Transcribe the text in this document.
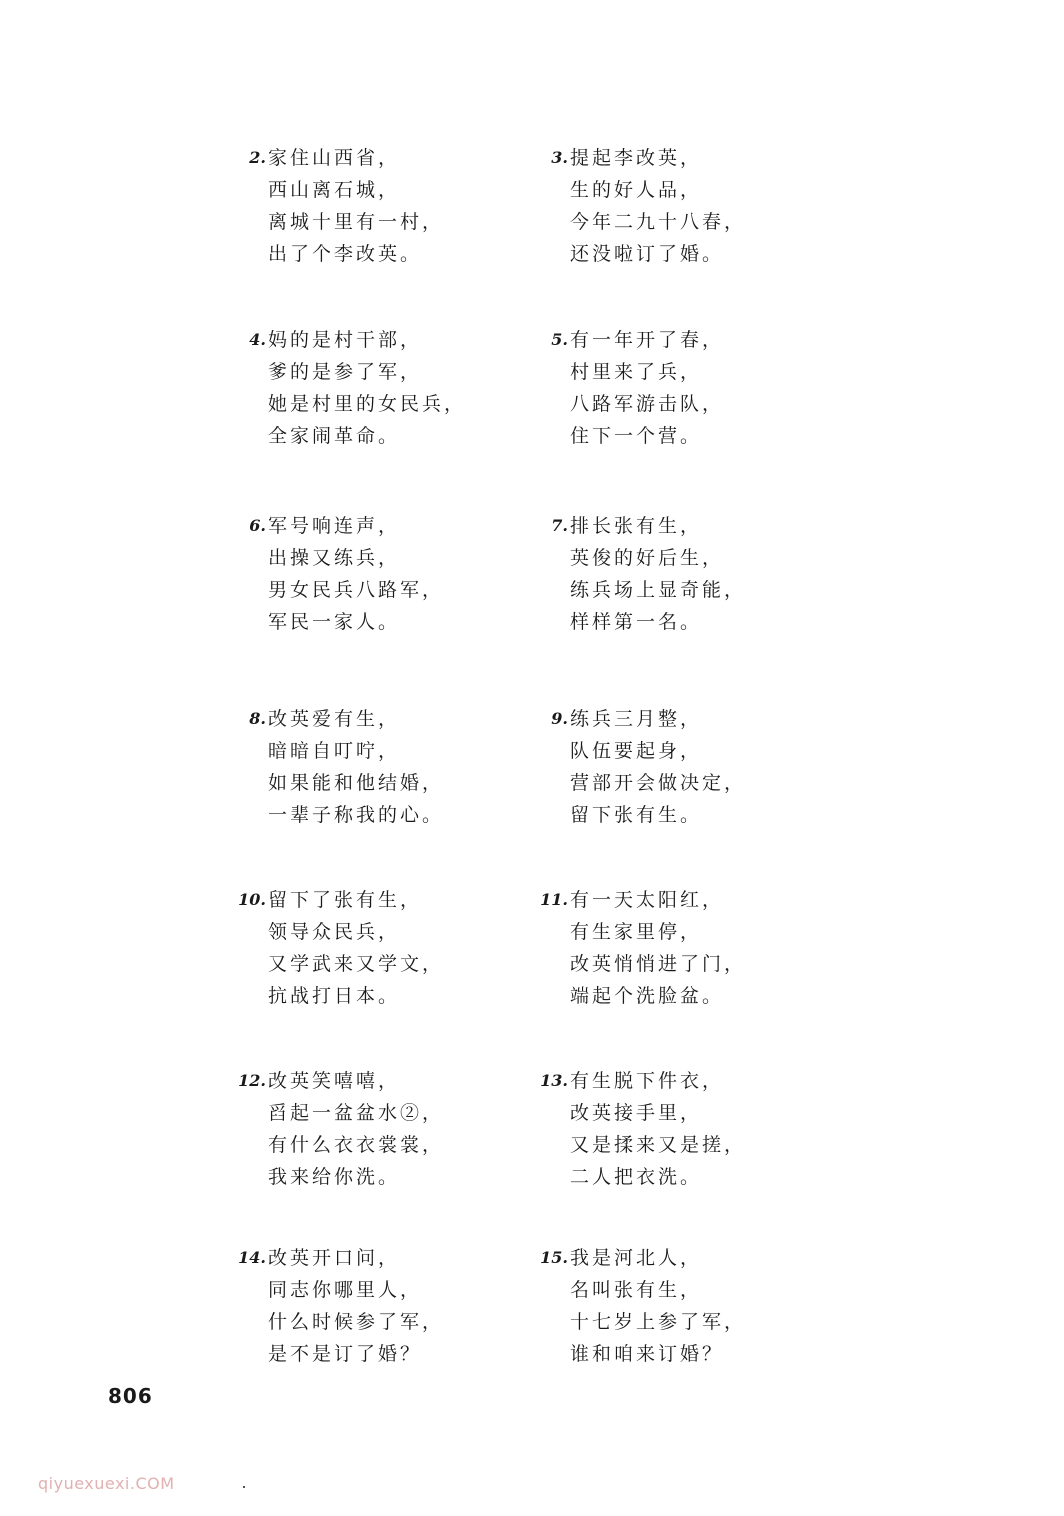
2. 家住山西省，
西山离石城，
离城十里有一村，
出了个李改英。
3. 提起李改英，
生的好人品，
今年二九十八春，
还没啦订了婚。
4. 妈的是村干部，
爹的是参了军，
她是村里的女民兵，
全家闹革命。
5. 有一年开了春，
村里来了兵，
八路军游击队，
住下一个营。
6. 军号响连声，
出操又练兵，
男女民兵八路军，
军民一家人。
7. 排长张有生，
英俊的好后生，
练兵场上显奇能，
样样第一名。
8. 改英爱有生，
暗暗自叮咛，
如果能和他结婚，
一辈子称我的心。
9. 练兵三月整，
队伍要起身，
营部开会做决定，
留下张有生。
10. 留下了张有生，
领导众民兵，
又学武来又学文，
抗战打日本。
11. 有一天太阳红，
有生家里停，
改英悄悄进了门，
端起个洗脸盆。
12. 改英笑嘻嘻，
舀起一盆盆水②，
有什么衣衣裳裳，
我来给你洗。
13. 有生脱下件衣，
改英接手里，
又是揉来又是搓，
二人把衣洗。
14. 改英开口问，
同志你哪里人，
什么时候参了军，
是不是订了婚？
15. 我是河北人，
名叫张有生，
十七岁上参了军，
谁和咱来订婚？
806
qiyuexuexi.COM
